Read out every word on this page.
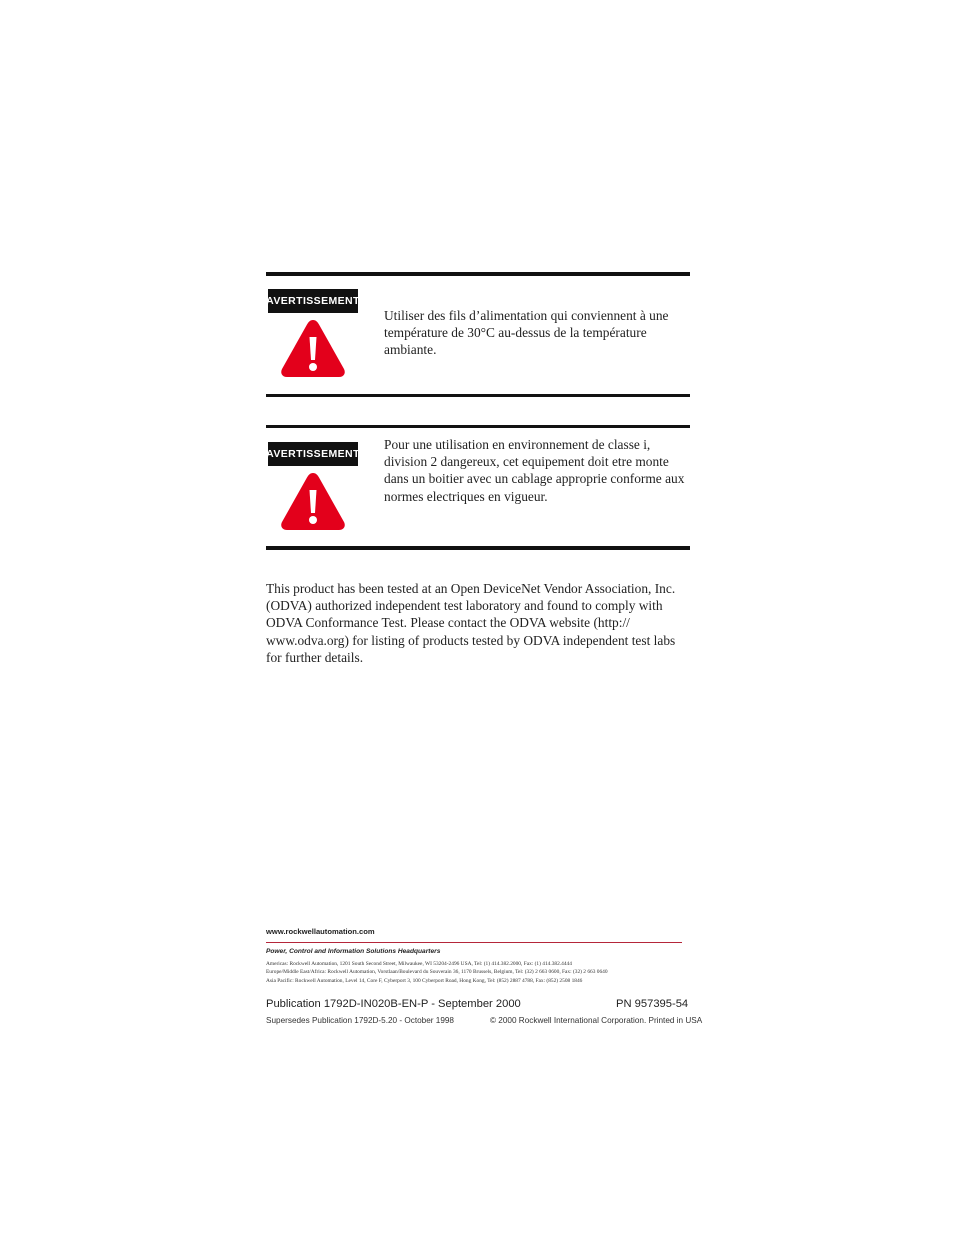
AVERTISSEMENT
Utiliser des fils d’alimentation qui conviennent à une température de 30°C au-dessus de la température ambiante.
AVERTISSEMENT
Pour une utilisation en environnement de classe i, division 2 dangereux, cet equipement doit etre monte dans un boitier avec un cablage approprie conforme aux normes electriques en vigueur.
This product has been tested at an Open DeviceNet Vendor Association, Inc. (ODVA) authorized independent test laboratory and found to comply with ODVA Conformance Test. Please contact the ODVA website (http:// www.odva.org) for listing of products tested by ODVA independent test labs for further details.
www.rockwellautomation.com
Power, Control and Information Solutions Headquarters
Americas: Rockwell Automation, 1201 South Second Street, Milwaukee, WI 53204-2496 USA, Tel: (1) 414.382.2000, Fax: (1) 414.382.4444
Europe/Middle East/Africa: Rockwell Automation, Vorstlaan/Boulevard du Souverain 36, 1170 Brussels, Belgium, Tel: (32) 2 663 0600, Fax: (32) 2 663 0640
Asia Pacific: Rockwell Automation, Level 14, Core F, Cyberport 3, 100 Cyberport Road, Hong Kong, Tel: (852) 2887 4788, Fax: (852) 2508 1846
Publication 1792D-IN020B-EN-P - September 2000	PN 957395-54
Supersedes Publication 1792D-5.20 - October 1998	© 2000 Rockwell International Corporation. Printed in USA
